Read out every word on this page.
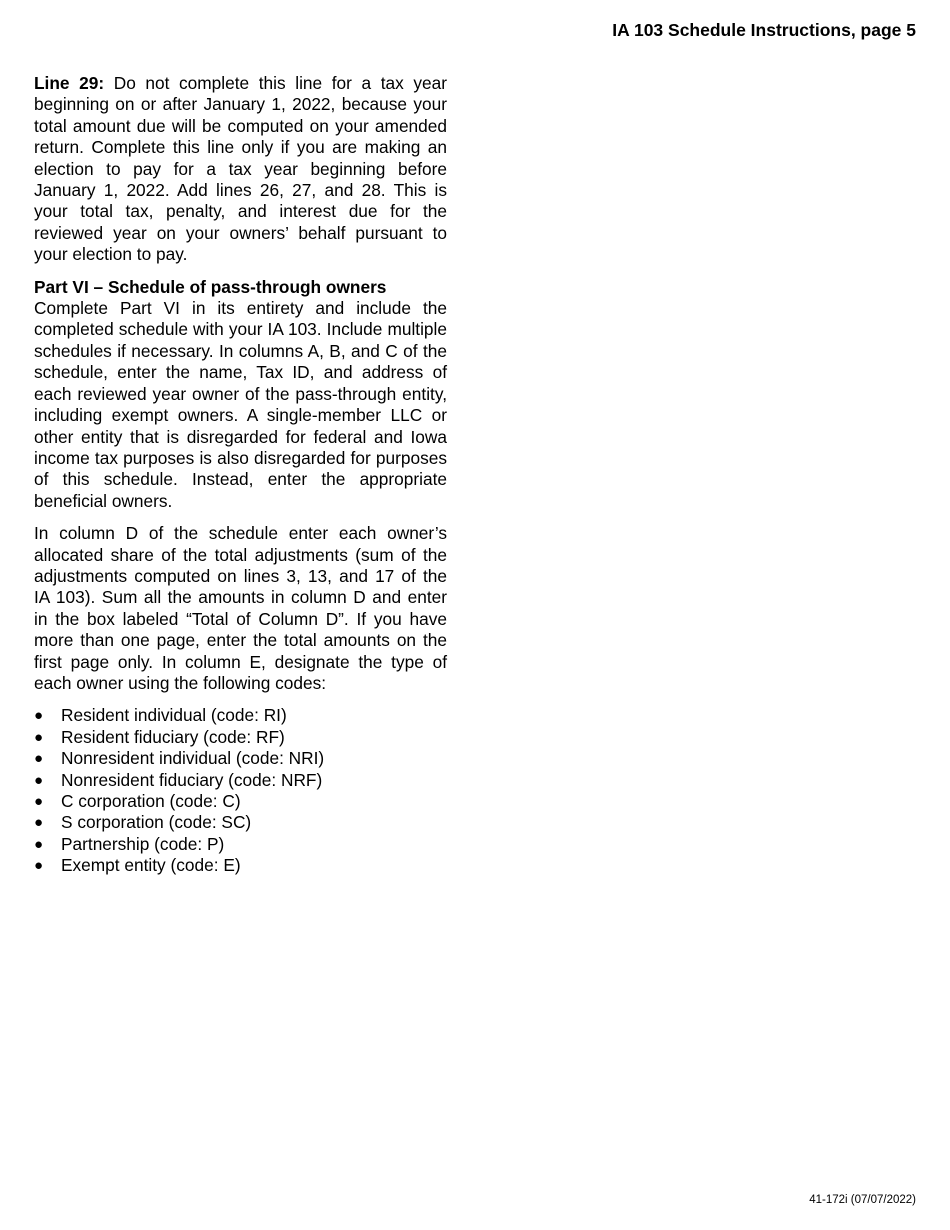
IA 103 Schedule Instructions, page 5

Line 29: Do not complete this line for a tax year beginning on or after January 1, 2022, because your total amount due will be computed on your amended return. Complete this line only if you are making an election to pay for a tax year beginning before January 1, 2022. Add lines 26, 27, and 28. This is your total tax, penalty, and interest due for the reviewed year on your owners’ behalf pursuant to your election to pay.

Part VI – Schedule of pass-through owners
Complete Part VI in its entirety and include the completed schedule with your IA 103. Include multiple schedules if necessary. In columns A, B, and C of the schedule, enter the name, Tax ID, and address of each reviewed year owner of the pass-through entity, including exempt owners. A single-member LLC or other entity that is disregarded for federal and Iowa income tax purposes is also disregarded for purposes of this schedule. Instead, enter the appropriate beneficial owners.

In column D of the schedule enter each owner’s allocated share of the total adjustments (sum of the adjustments computed on lines 3, 13, and 17 of the IA 103). Sum all the amounts in column D and enter in the box labeled “Total of Column D”. If you have more than one page, enter the total amounts on the first page only. In column E, designate the type of each owner using the following codes:

● Resident individual (code: RI)
● Resident fiduciary (code: RF)
● Nonresident individual (code: NRI)
● Nonresident fiduciary (code: NRF)
● C corporation (code: C)
● S corporation (code: SC)
● Partnership (code: P)
● Exempt entity (code: E)
41-172i (07/07/2022)
